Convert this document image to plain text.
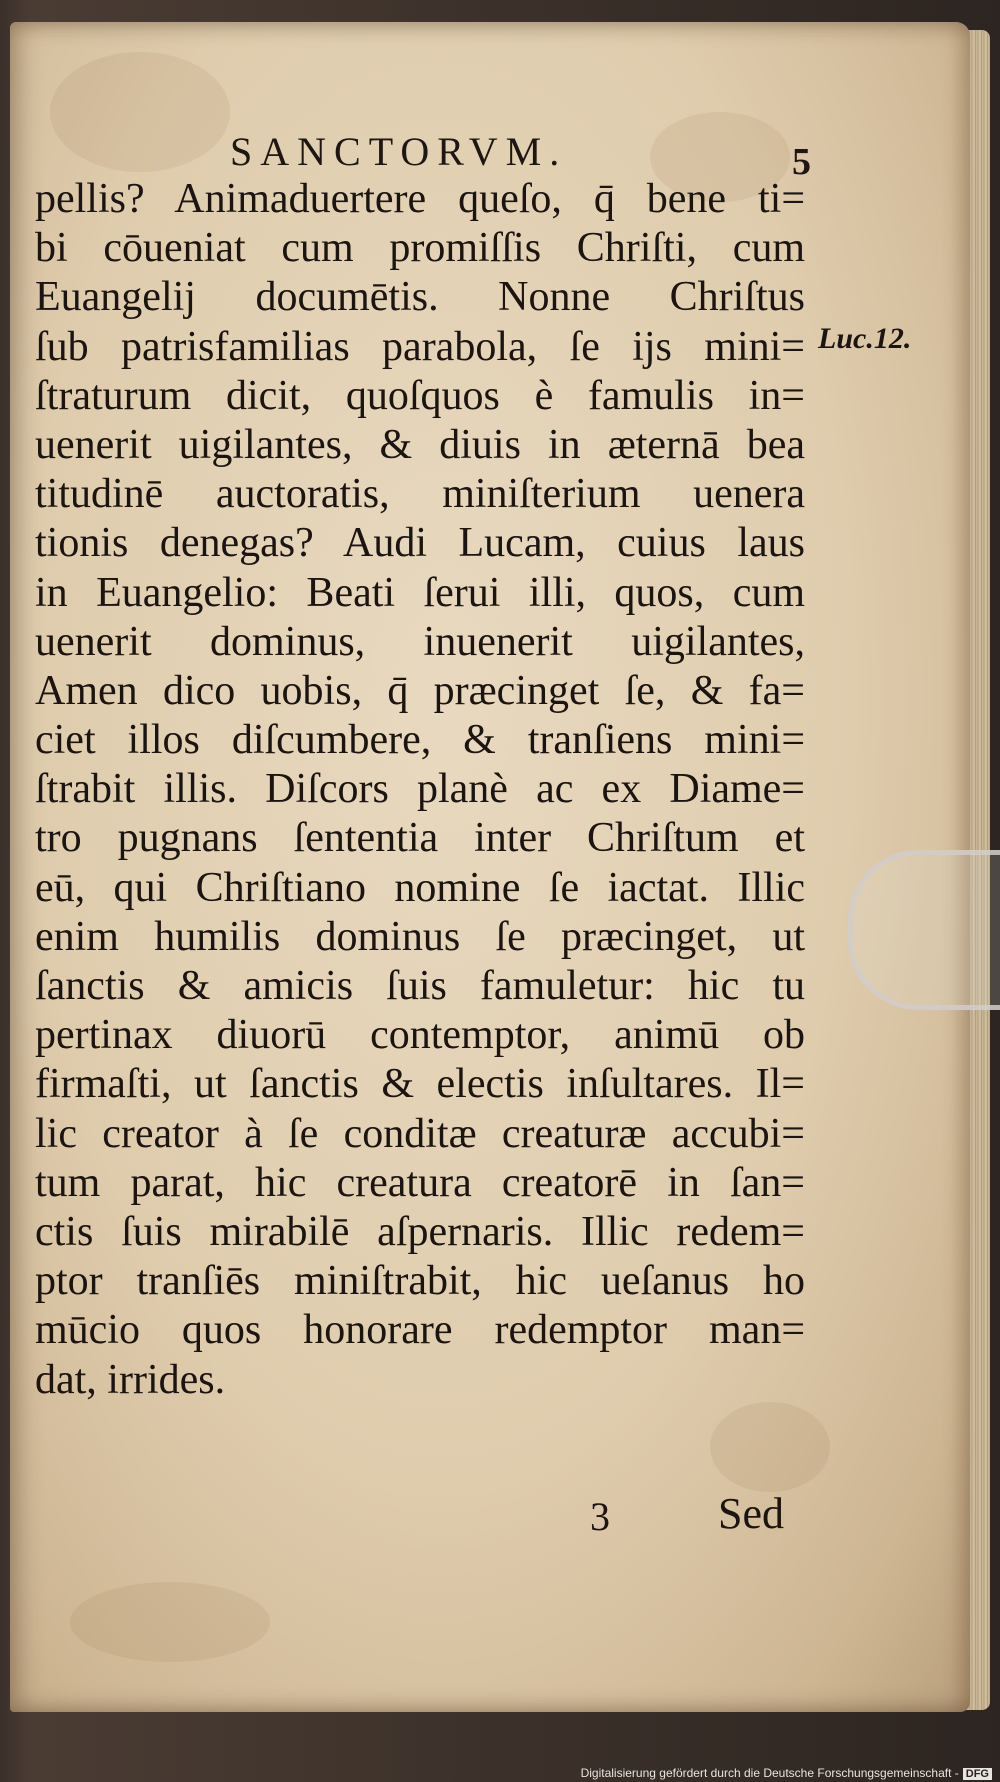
SANCTORVM.	5
pellis? Animaduertere queſo, q̄ bene ti=
bi cōueniat cum promiſſis Chriſti, cum
Euangelij documētis. Nonne Chriſtus
ſub patrisfamilias parabola, ſe ijs mini=
ſtraturum dicit, quoſquos è famulis in=
uenerit uigilantes, & diuis in æternā bea
titudinē auctoratis, miniſterium uenera
tionis denegas? Audi Lucam, cuius laus
in Euangelio: Beati ſerui illi, quos, cum
uenerit dominus, inuenerit uigilantes,
Amen dico uobis, q̄ præcinget ſe, & fa=
ciet illos diſcumbere, & tranſiens mini=
ſtrabit illis. Diſcors planè ac ex Diame=
tro pugnans ſententia inter Chriſtum et
eū, qui Chriſtiano nomine ſe iactat. Illic
enim humilis dominus ſe præcinget, ut
ſanctis & amicis ſuis famuletur: hic tu
pertinax diuorū contemptor, animū ob
firmaſti, ut ſanctis & electis inſultares. Il=
lic creator à ſe conditæ creaturæ accubi=
tum parat, hic creatura creatorē in ſan=
ctis ſuis mirabilē aſpernaris. Illic redem=
ptor tranſiēs miniſtrabit, hic ueſanus ho
mūcio quos honorare redemptor man=
dat, irrides.
Luc.12.
3 Sed
Digitalisierung gefördert durch die Deutsche Forschungsgemeinschaft - DFG
